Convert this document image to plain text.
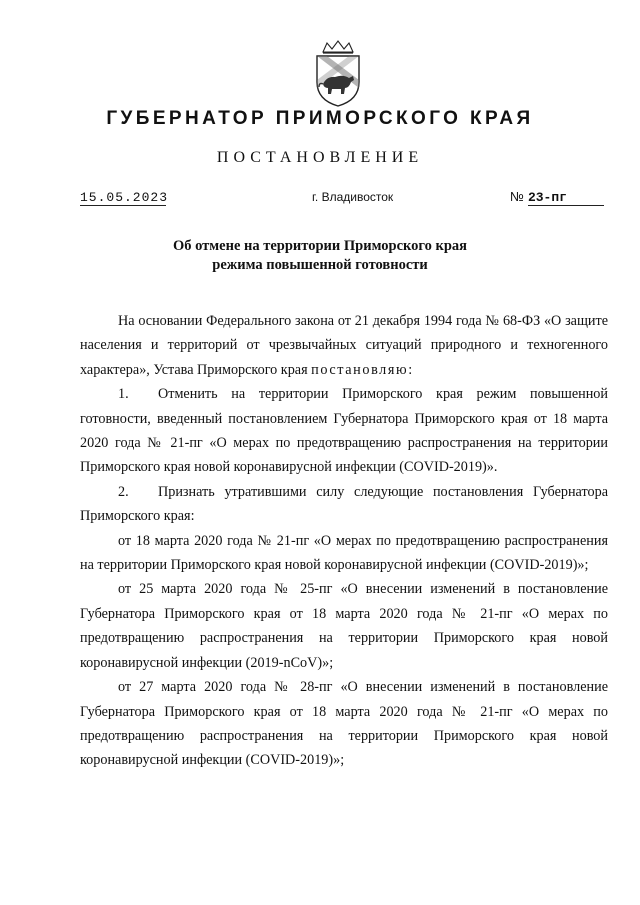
ГУБЕРНАТОР ПРИМОРСКОГО КРАЯ
ПОСТАНОВЛЕНИЕ
15.05.2023	г. Владивосток	№ 23-пг
Об отмене на территории Приморского края
режима повышенной готовности

На основании Федерального закона от 21 декабря 1994 года № 68-ФЗ «О защите населения и территорий от чрезвычайных ситуаций природного и техногенного характера», Устава Приморского края постановляю:

1. Отменить на территории Приморского края режим повышенной готовности, введенный постановлением Губернатора Приморского края от 18 марта 2020 года № 21-пг «О мерах по предотвращению распространения на территории Приморского края новой коронавирусной инфекции (COVID-2019)».

2. Признать утратившими силу следующие постановления Губернатора Приморского края:

от 18 марта 2020 года № 21-пг «О мерах по предотвращению распространения на территории Приморского края новой коронавирусной инфекции (COVID-2019)»;

от 25 марта 2020 года № 25-пг «О внесении изменений в постановление Губернатора Приморского края от 18 марта 2020 года № 21-пг «О мерах по предотвращению распространения на территории Приморского края новой коронавирусной инфекции (2019-nCoV)»;

от 27 марта 2020 года № 28-пг «О внесении изменений в постановление Губернатора Приморского края от 18 марта 2020 года № 21-пг «О мерах по предотвращению распространения на территории Приморского края новой коронавирусной инфекции (COVID-2019)»;
